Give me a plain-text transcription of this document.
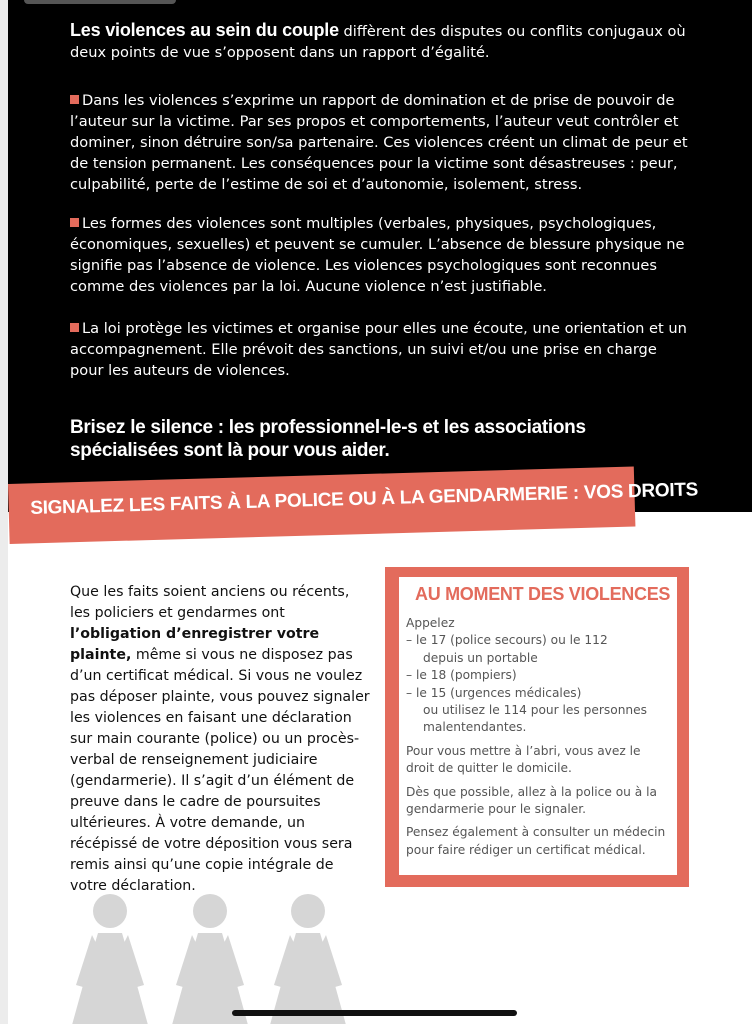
Les violences au sein du couple diffèrent des disputes ou conflits conjugaux où deux points de vue s’opposent dans un rapport d’égalité.
Dans les violences s’exprime un rapport de domination et de prise de pouvoir de l’auteur sur la victime. Par ses propos et comportements, l’auteur veut contrôler et dominer, sinon détruire son/sa partenaire. Ces violences créent un climat de peur et de tension permanent. Les conséquences pour la victime sont désastreuses : peur, culpabilité, perte de l’estime de soi et d’autonomie, isolement, stress.
Les formes des violences sont multiples (verbales, physiques, psychologiques, économiques, sexuelles) et peuvent se cumuler. L’absence de blessure physique ne signifie pas l’absence de violence. Les violences psychologiques sont reconnues comme des violences par la loi. Aucune violence n’est justifiable.
La loi protège les victimes et organise pour elles une écoute, une orientation et un accompagnement. Elle prévoit des sanctions, un suivi et/ou une prise en charge pour les auteurs de violences.
Brisez le silence : les professionnel-le-s et les associations spécialisées sont là pour vous aider.
SIGNALEZ LES FAITS À LA POLICE OU À LA GENDARMERIE : VOS DROITS
Que les faits soient anciens ou récents, les policiers et gendarmes ont l’obligation d’enregistrer votre plainte, même si vous ne disposez pas d’un certificat médical. Si vous ne voulez pas déposer plainte, vous pouvez signaler les violences en faisant une déclaration sur main courante (police) ou un procès-verbal de renseignement judiciaire (gendarmerie). Il s’agit d’un élément de preuve dans le cadre de poursuites ultérieures. À votre demande, un récépissé de votre déposition vous sera remis ainsi qu’une copie intégrale de votre déclaration.
AU MOMENT DES VIOLENCES

Appelez

– le 17 (police secours) ou le 112
depuis un portable
– le 18 (pompiers)
– le 15 (urgences médicales)
ou utilisez le 114 pour les personnes malentendantes.

Pour vous mettre à l’abri, vous avez le droit de quitter le domicile.

Dès que possible, allez à la police ou à la gendarmerie pour le signaler.

Pensez également à consulter un médecin pour faire rédiger un certificat médical.
